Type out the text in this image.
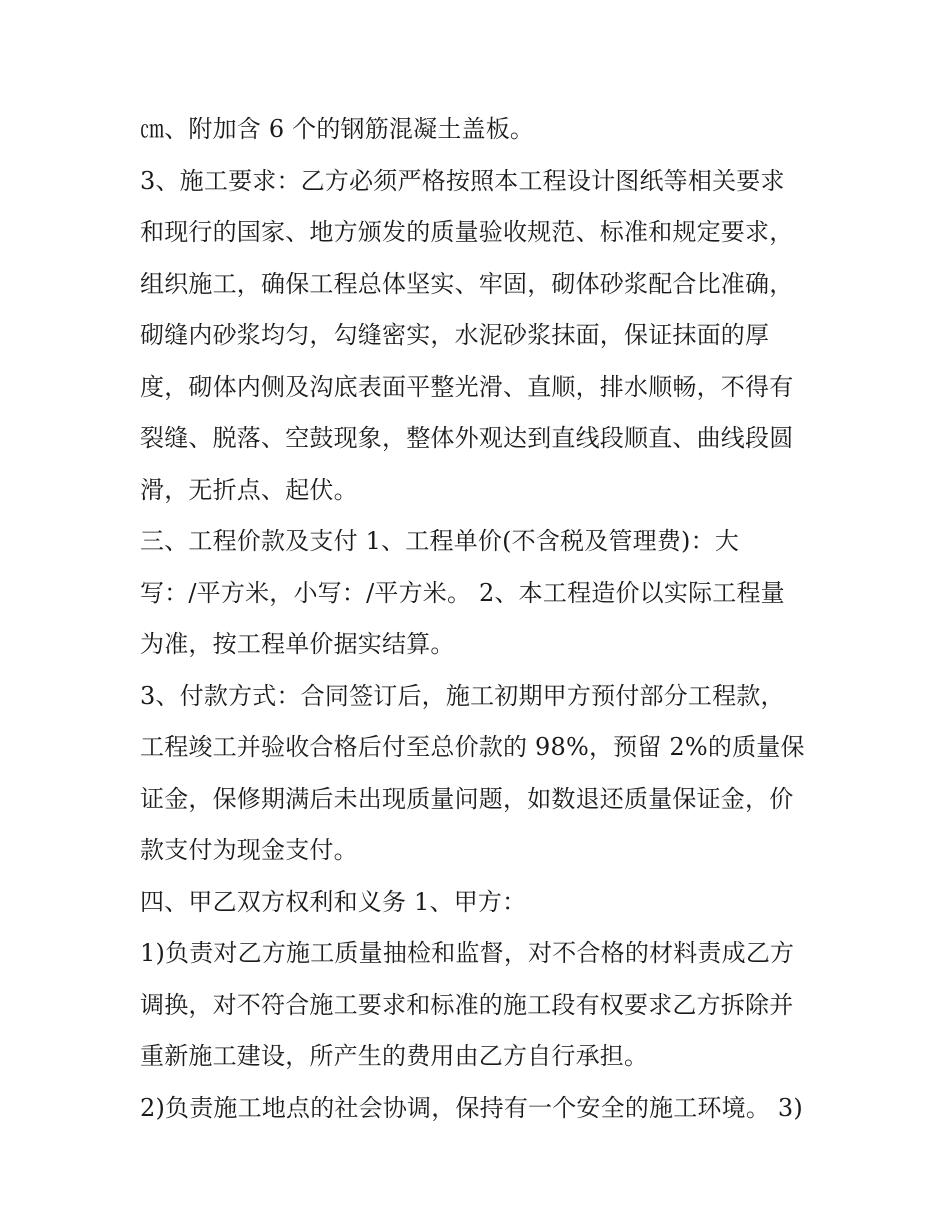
㎝、附加含 6 个的钢筋混凝土盖板。
3、施工要求：乙方必须严格按照本工程设计图纸等相关要求
和现行的国家、地方颁发的质量验收规范、标准和规定要求，
组织施工，确保工程总体坚实、牢固，砌体砂浆配合比准确，
砌缝内砂浆均匀，勾缝密实，水泥砂浆抹面，保证抹面的厚
度，砌体内侧及沟底表面平整光滑、直顺，排水顺畅，不得有
裂缝、脱落、空鼓现象，整体外观达到直线段顺直、曲线段圆
滑，无折点、起伏。
三、工程价款及支付 1、工程单价(不含税及管理费)：大
写：/平方米，小写：/平方米。 2、本工程造价以实际工程量
为准，按工程单价据实结算。
3、付款方式：合同签订后，施工初期甲方预付部分工程款，
工程竣工并验收合格后付至总价款的 98%，预留 2%的质量保
证金，保修期满后未出现质量问题，如数退还质量保证金，价
款支付为现金支付。
四、甲乙双方权利和义务 1、甲方：
1)负责对乙方施工质量抽检和监督，对不合格的材料责成乙方
调换，对不符合施工要求和标准的施工段有权要求乙方拆除并
重新施工建设，所产生的费用由乙方自行承担。
2)负责施工地点的社会协调，保持有一个安全的施工环境。 3)
